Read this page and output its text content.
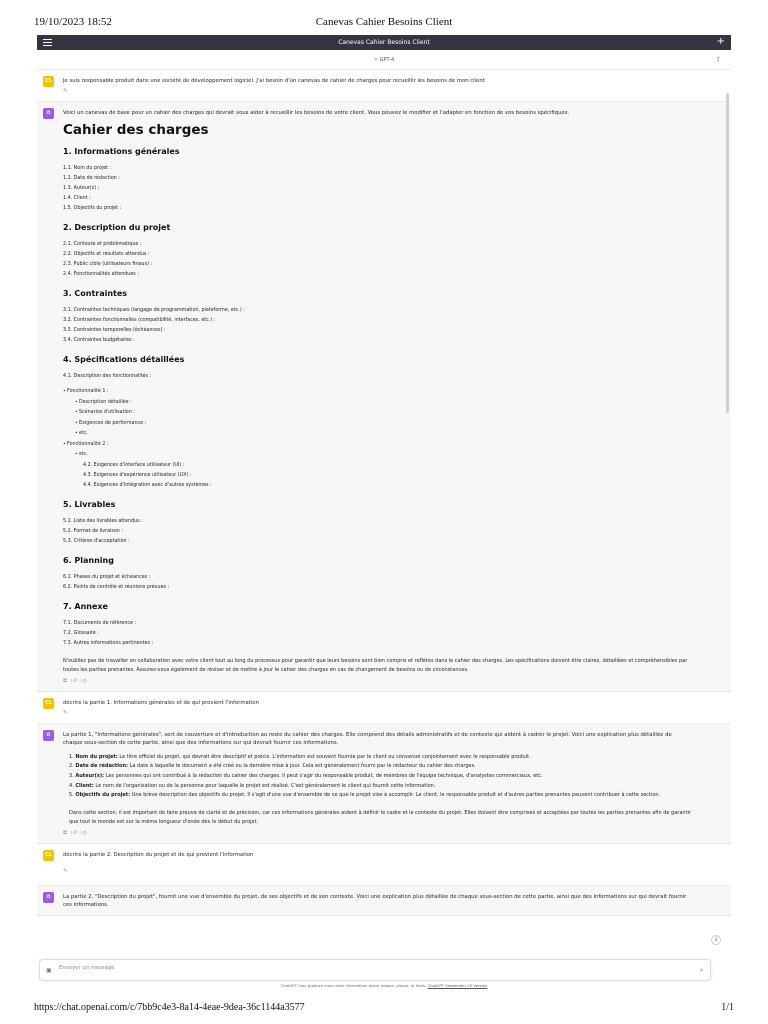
19/10/2023 18:52	Canevas Cahier Besoins Client
Canevas Cahier Besoins Client	+
✧ GPT-4	⇪
CL	Je suis responsable produit dans une société de développement logiciel. J'ai besoin d'un canevas de cahier de charges pour recueillir les besoins de mon client
✎
✿	Voici un canevas de base pour un cahier des charges qui devrait vous aider à recueillir les besoins de votre client. Vous pouvez le modifier et l'adapter en fonction de vos besoins spécifiques.
Cahier des charges
1. Informations générales
1.1. Nom du projet :
1.2. Date de rédaction :
1.3. Auteur(s) :
1.4. Client :
1.5. Objectifs du projet :
2. Description du projet
2.1. Contexte et problématique :
2.2. Objectifs et résultats attendus :
2.3. Public cible (utilisateurs finaux) :
2.4. Fonctionnalités attendues :
3. Contraintes
3.1. Contraintes techniques (langage de programmation, plateforme, etc.) :
3.2. Contraintes fonctionnelles (compatibilité, interfaces, etc.) :
3.3. Contraintes temporelles (échéances) :
3.4. Contraintes budgétaires :
4. Spécifications détaillées
4.1. Description des fonctionnalités :
• Fonctionnalité 1 :
• Description détaillée :
• Scénarios d'utilisation :
• Exigences de performance :
• etc.
• Fonctionnalité 2 :
• etc.
4.2. Exigences d'interface utilisateur (UI) :
4.3. Exigences d'expérience utilisateur (UX) :
4.4. Exigences d'intégration avec d'autres systèmes :
5. Livrables
5.1. Liste des livrables attendus :
5.2. Format de livraison :
5.3. Critères d'acceptation :
6. Planning
6.1. Phases du projet et échéances :
6.2. Points de contrôle et réunions prévues :
7. Annexe
7.1. Documents de référence :
7.2. Glossaire :
7.3. Autres informations pertinentes :
N'oubliez pas de travailler en collaboration avec votre client tout au long du processus pour garantir que leurs besoins sont bien compris et reflétés dans le cahier des charges. Les spécifications doivent être claires, détaillées et compréhensibles par toutes les parties prenantes. Assurez-vous également de réviser et de mettre à jour le cahier des charges en cas de changement de besoins ou de circonstances.
⧉ 👍︎ 👎︎
CL	décrire la partie 1. Informations générales et de qui provient l'information
✎
✿	La partie 1, "Informations générales", sert de couverture et d'introduction au reste du cahier des charges. Elle comprend des détails administratifs et de contexte qui aident à cadrer le projet. Voici une explication plus détaillée de chaque sous-section de cette partie, ainsi que des informations sur qui devrait fournir ces informations.
1. Nom du projet: Le titre officiel du projet, qui devrait être descriptif et précis. L'information est souvent fournie par le client ou convenue conjointement avec le responsable produit.
2. Date de rédaction: La date à laquelle le document a été créé ou la dernière mise à jour. Cela est généralement fourni par le rédacteur du cahier des charges.
3. Auteur(s): Les personnes qui ont contribué à la rédaction du cahier des charges. Il peut s'agir du responsable produit, de membres de l'équipe technique, d'analystes commerciaux, etc.
4. Client: Le nom de l'organisation ou de la personne pour laquelle le projet est réalisé. C'est généralement le client qui fournit cette information.
5. Objectifs du projet: Une brève description des objectifs du projet. Il s'agit d'une vue d'ensemble de ce que le projet vise à accomplir. Le client, le responsable produit et d'autres parties prenantes peuvent contribuer à cette section.
Dans cette section, il est important de faire preuve de clarté et de précision, car ces informations générales aident à définir le cadre et le contexte du projet. Elles doivent être comprises et acceptées par toutes les parties prenantes afin de garantir que tout le monde est sur la même longueur d'onde dès le début du projet.
⧉ 👍︎ 👎︎
CL	décrire la partie 2. Description du projet et de qui provient l'information
✎
✿	La partie 2, "Description du projet", fournit une vue d'ensemble du projet, de ses objectifs et de son contexte. Voici une explication plus détaillée de chaque sous-section de cette partie, ainsi que des informations sur qui devrait fournir ces informations.
↓
▣ Envoyer un message	➤
ChatGPT may produce inaccurate information about people, places, or facts. ChatGPT September 25 Version
https://chat.openai.com/c/7bb9c4e3-8a14-4eae-9dea-36c1144a3577	1/1
